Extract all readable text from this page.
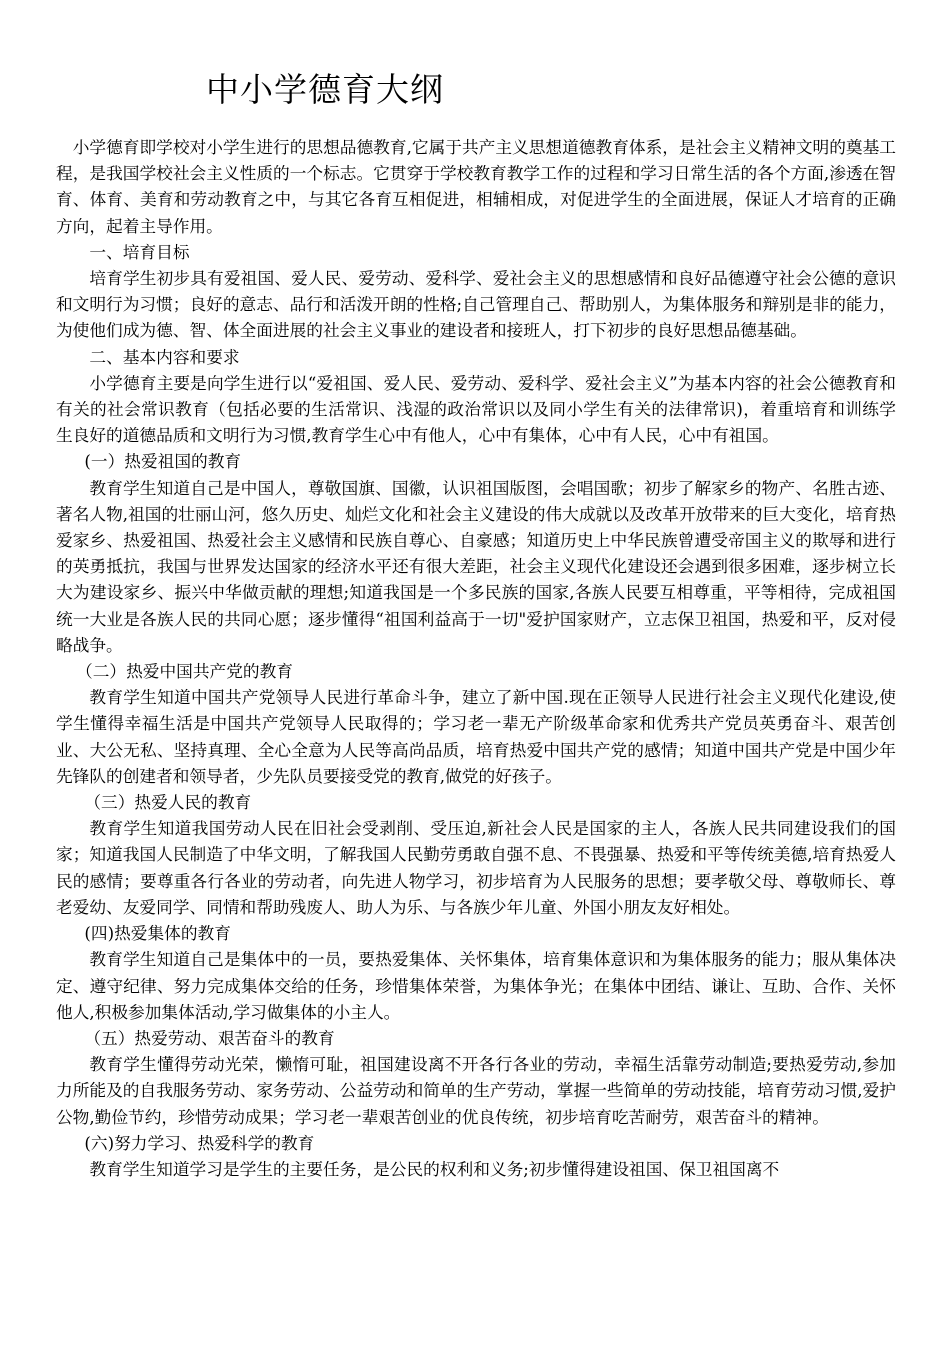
中小学德育大纲

小学德育即学校对小学生进行的思想品德教育,它属于共产主义思想道德教育体系，是社会主义精神文明的奠基工程，是我国学校社会主义性质的一个标志。它贯穿于学校教育教学工作的过程和学习日常生活的各个方面,渗透在智育、体育、美育和劳动教育之中，与其它各育互相促进，相辅相成，对促进学生的全面进展，保证人才培育的正确方向，起着主导作用。

一、培育目标

培育学生初步具有爱祖国、爱人民、爱劳动、爱科学、爱社会主义的思想感情和良好品德遵守社会公德的意识和文明行为习惯；良好的意志、品行和活泼开朗的性格;自己管理自己、帮助别人，为集体服务和辩别是非的能力，为使他们成为德、智、体全面进展的社会主义事业的建设者和接班人，打下初步的良好思想品德基础。

二、基本内容和要求

小学德育主要是向学生进行以“爱祖国、爱人民、爱劳动、爱科学、爱社会主义”为基本内容的社会公德教育和有关的社会常识教育（包括必要的生活常识、浅湿的政治常识以及同小学生有关的法律常识)，着重培育和训练学生良好的道德品质和文明行为习惯,教育学生心中有他人，心中有集体，心中有人民，心中有祖国。

(一）热爱祖国的教育

教育学生知道自己是中国人，尊敬国旗、国徽，认识祖国版图，会唱国歌；初步了解家乡的物产、名胜古迹、著名人物,祖国的壮丽山河，悠久历史、灿烂文化和社会主义建设的伟大成就以及改革开放带来的巨大变化，培育热爱家乡、热爱祖国、热爱社会主义感情和民族自尊心、自豪感；知道历史上中华民族曾遭受帝国主义的欺辱和进行的英勇抵抗，我国与世界发达国家的经济水平还有很大差距，社会主义现代化建设还会遇到很多困难，逐步树立长大为建设家乡、振兴中华做贡献的理想;知道我国是一个多民族的国家,各族人民要互相尊重，平等相待，完成祖国统一大业是各族人民的共同心愿；逐步懂得“祖国利益高于一切"爱护国家财产，立志保卫祖国，热爱和平，反对侵略战争。

（二）热爱中国共产党的教育

教育学生知道中国共产党领导人民进行革命斗争，建立了新中国.现在正领导人民进行社会主义现代化建设,使学生懂得幸福生活是中国共产党领导人民取得的；学习老一辈无产阶级革命家和优秀共产党员英勇奋斗、艰苦创业、大公无私、坚持真理、全心全意为人民等高尚品质，培育热爱中国共产党的感情；知道中国共产党是中国少年先锋队的创建者和领导者，少先队员要接受党的教育,做党的好孩子。

（三）热爱人民的教育

教育学生知道我国劳动人民在旧社会受剥削、受压迫,新社会人民是国家的主人，各族人民共同建设我们的国家；知道我国人民制造了中华文明，了解我国人民勤劳勇敢自强不息、不畏强暴、热爱和平等传统美德,培育热爱人民的感情；要尊重各行各业的劳动者，向先进人物学习，初步培育为人民服务的思想；要孝敬父母、尊敬师长、尊老爱幼、友爱同学、同情和帮助残废人、助人为乐、与各族少年儿童、外国小朋友友好相处。

(四)热爱集体的教育

教育学生知道自己是集体中的一员，要热爱集体、关怀集体，培育集体意识和为集体服务的能力；服从集体决定、遵守纪律、努力完成集体交给的任务，珍惜集体荣誉，为集体争光；在集体中团结、谦让、互助、合作、关怀他人,积极参加集体活动,学习做集体的小主人。

（五）热爱劳动、艰苦奋斗的教育

教育学生懂得劳动光荣，懒惰可耻，祖国建设离不开各行各业的劳动，幸福生活靠劳动制造;要热爱劳动,参加力所能及的自我服务劳动、家务劳动、公益劳动和简单的生产劳动，掌握一些简单的劳动技能，培育劳动习惯,爱护公物,勤俭节约，珍惜劳动成果；学习老一辈艰苦创业的优良传统，初步培育吃苦耐劳，艰苦奋斗的精神。

(六)努力学习、热爱科学的教育

教育学生知道学习是学生的主要任务，是公民的权利和义务;初步懂得建设祖国、保卫祖国离不
